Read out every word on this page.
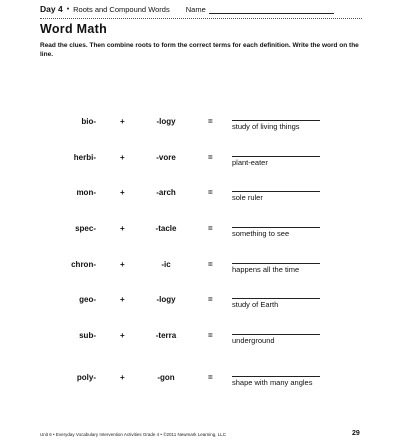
Day 4 • Roots and Compound Words Name
Word Math
Read the clues. Then combine roots to form the correct terms for each definition. Write the word on the line.
bio-	+	-logy	=
study of living things
herbi-	+	-vore	=
plant-eater
mon-	+	-arch	=
sole ruler
spec-	+	-tacle	=
something to see
chron-	+	-ic	=
happens all the time
geo-	+	-logy	=
study of Earth
sub-	+	-terra	=
underground
poly-	+	-gon	=
shape with many angles
Unit 6 • Everyday Vocabulary Intervention Activities Grade 4 • ©2011 Newmark Learning, LLC	29
